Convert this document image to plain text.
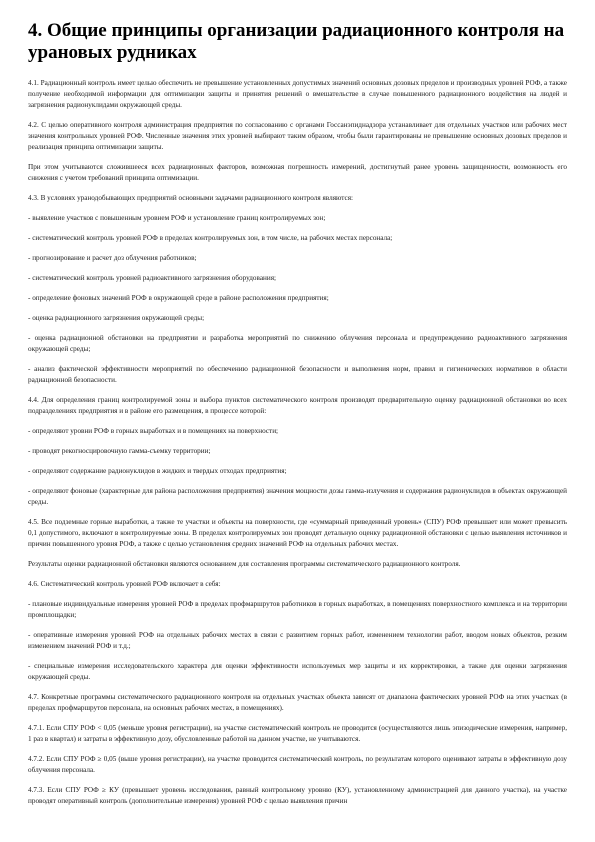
4. Общие принципы организации радиационного контроля на урановых рудниках

4.1. Радиационный контроль имеет целью обеспечить не превышение установленных допустимых значений основных дозовых пределов и производных уровней РОФ, а также получение необходимой информации для оптимизации защиты и принятия решений о вмешательстве в случае повышенного радиационного воздействия на людей и загрязнения радионуклидами окружающей среды.

4.2. С целью оперативного контроля администрация предприятия по согласованию с органами Госсанэпиднадзора устанавливает для отдельных участков или рабочих мест значения контрольных уровней РОФ. Численные значения этих уровней выбирают таким образом, чтобы были гарантированы не превышение основных дозовых пределов и реализация принципа оптимизации защиты.

При этом учитываются сложившееся всех радиационных факторов, возможная погрешность измерений, достигнутый ранее уровень защищенности, возможность его снижения с учетом требований принципа оптимизации.

4.3. В условиях уранодобывающих предприятий основными задачами радиационного контроля являются:

- выявление участков с повышенным уровнем РОФ и установление границ контролируемых зон;

- систематический контроль уровней РОФ в пределах контролируемых зон, в том числе, на рабочих местах персонала;

- прогнозирование и расчет доз облучения работников;

- систематический контроль уровней радиоактивного загрязнения оборудования;

- определение фоновых значений РОФ в окружающей среде в районе расположения предприятия;

- оценка радиационного загрязнения окружающей среды;

- оценка радиационной обстановки на предприятии и разработка мероприятий по снижению облучения персонала и предупреждению радиоактивного загрязнения окружающей среды;

- анализ фактической эффективности мероприятий по обеспечению радиационной безопасности и выполнения норм, правил и гигиенических нормативов в области радиационной безопасности.

4.4. Для определения границ контролируемой зоны и выбора пунктов систематического контроля производят предварительную оценку радиационной обстановки во всех подразделениях предприятия и в районе его размещения, в процессе которой:

- определяют уровни РОФ в горных выработках и в помещениях на поверхности;

- проводят рекогносцировочную гамма-съемку территории;

- определяют содержание радионуклидов в жидких и твердых отходах предприятия;

- определяют фоновые (характерные для района расположения предприятия) значения мощности дозы гамма-излучения и содержания радионуклидов в объектах окружающей среды.

4.5. Все подземные горные выработки, а также те участки и объекты на поверхности, где «суммарный приведенный уровень» (СПУ) РОФ превышает или может превысить 0,1 допустимого, включают в контролируемые зоны. В пределах контролируемых зон проводят детальную оценку радиационной обстановки с целью выявления источников и причин повышенного уровня РОФ, а также с целью установления средних значений РОФ на отдельных рабочих местах.

Результаты оценки радиационной обстановки являются основанием для составления программы систематического радиационного контроля.

4.6. Систематический контроль уровней РОФ включает в себя:

- плановые индивидуальные измерения уровней РОФ в пределах профмаршрутов работников в горных выработках, в помещениях поверхностного комплекса и на территории промплощадки;

- оперативные измерения уровней РОФ на отдельных рабочих местах в связи с развитием горных работ, изменением технологии работ, вводом новых объектов, резким изменением значений РОФ и т.д.;

- специальные измерения исследовательского характера для оценки эффективности используемых мер защиты и их корректировки, а также для оценки загрязнения окружающей среды.

4.7. Конкретные программы систематического радиационного контроля на отдельных участках объекта зависят от диапазона фактических уровней РОФ на этих участках (в пределах профмаршрутов персонала, на основных рабочих местах, в помещениях).

4.7.1. Если СПУ РОФ < 0,05 (меньше уровня регистрации), на участке систематический контроль не проводится (осуществляются лишь эпизодические измерения, например, 1 раз в квартал) и затраты в эффективную дозу, обусловленные работой на данном участке, не учитываются.

4.7.2. Если СПУ РОФ ≥ 0,05 (выше уровня регистрации), на участке проводится систематический контроль, по результатам которого оценивают затраты в эффективную дозу облучения персонала.

4.7.3. Если СПУ РОФ ≥ КУ (превышает уровень исследования, равный контрольному уровню (КУ), установленному администрацией для данного участка), на участке проводят оперативный контроль (дополнительные измерения) уровней РОФ с целью выявления причин
